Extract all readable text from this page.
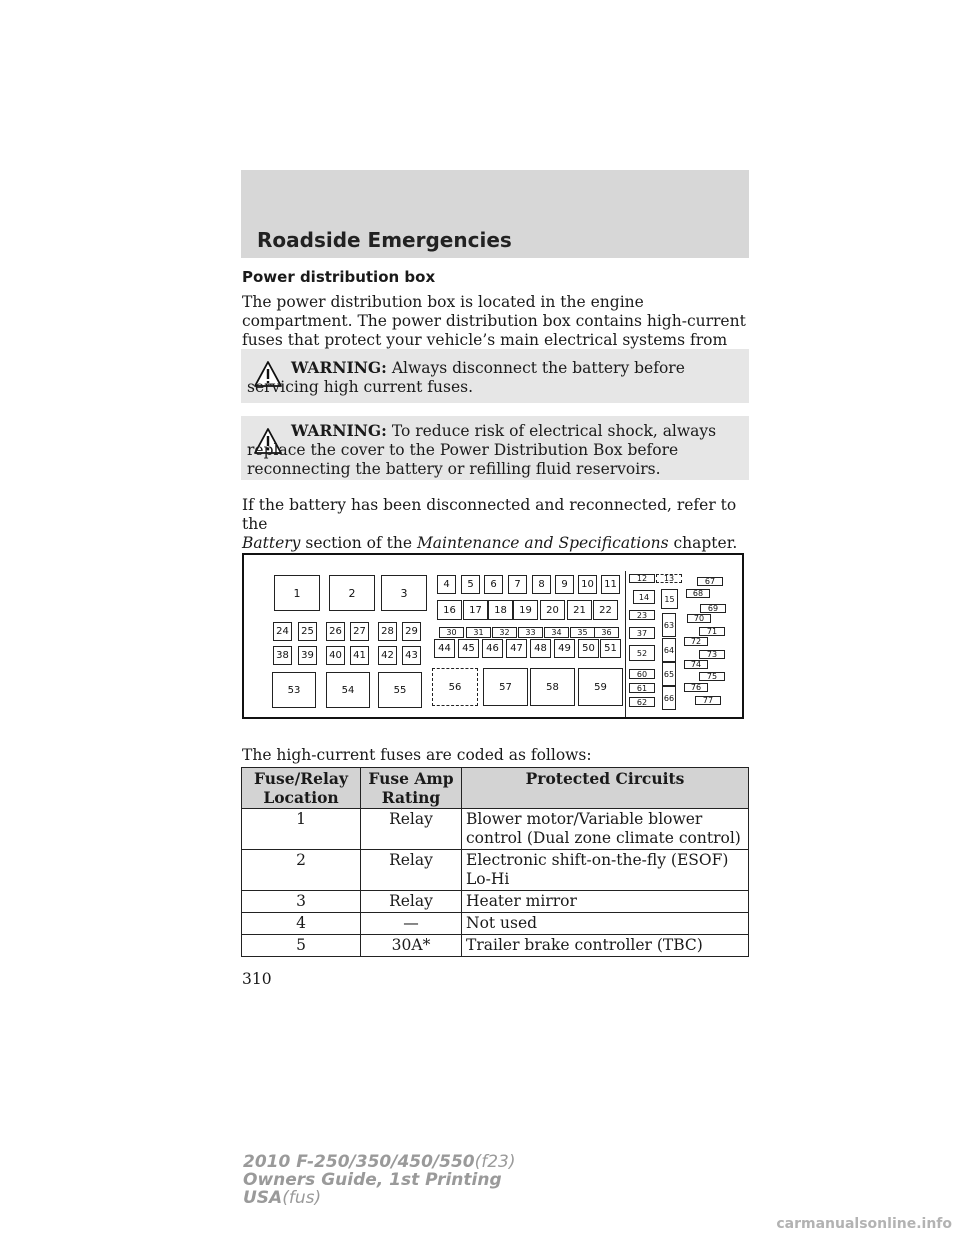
Roadside Emergencies
Power distribution box
The power distribution box is located in the engine compartment. The power distribution box contains high-current fuses that protect your vehicle’s main electrical systems from
WARNING: Always disconnect the battery before servicing high current fuses.
WARNING: To reduce risk of electrical shock, always replace the cover to the Power Distribution Box before reconnecting the battery or refilling fluid reservoirs.
If the battery has been disconnected and reconnected, refer to the
Battery section of the Maintenance and Specifications chapter.
1	2	3
4	5	6	7	8	9	10	11
12	13
14	15
16	17	18	19	20	21	22	23
24	25	26	27	28	29	30	31	32	33	34	35	36	37
38	39	40	41	42	43
44	45	46	47	48	49	50 51	52
53	54	55	56	57	58	59
60
61
62
63
64
65
66
67
68
69
70
71
72
73
74
75
76
77
The high-current fuses are coded as follows:
Fuse/Relay Location	Fuse Amp Rating	Protected Circuits
1	Relay	Blower motor/Variable blower control (Dual zone climate control)
2	Relay	Electronic shift-on-the-fly (ESOF) Lo-Hi
3	Relay	Heater mirror
4	—	Not used
5	30A*	Trailer brake controller (TBC)
310
2010 F-250/350/450/550(f23)
Owners Guide, 1st Printing
USA(fus)
carmanualsonline.info
